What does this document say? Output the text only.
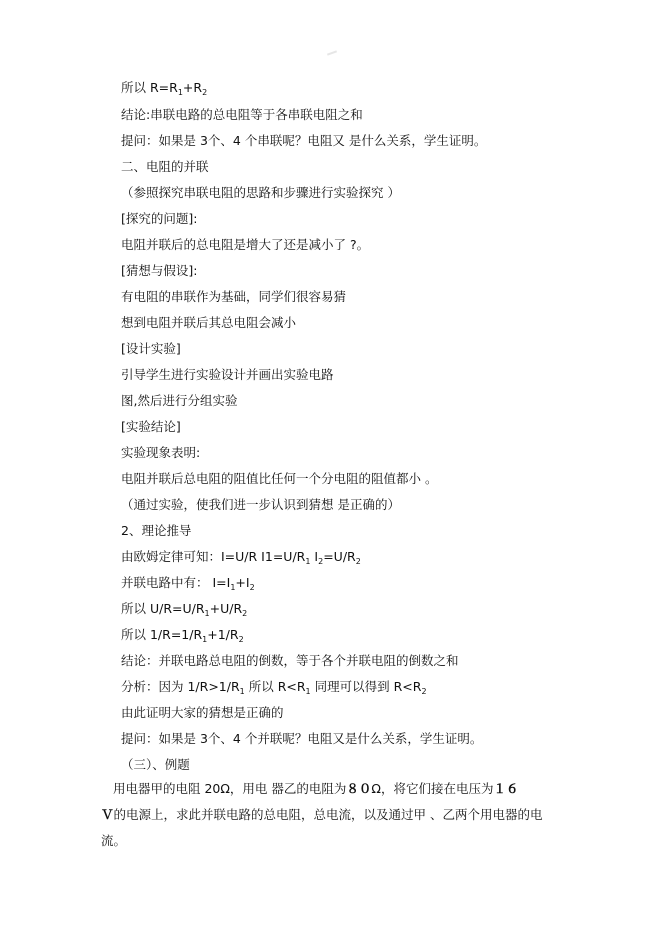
所以 $R=R_1+R_2$
结论:串联电路的总电阻等于各串联电阻之和
提问：如果是 3个、4 个串联呢？电阻又 是什么关系，学生证明。
二、电阻的并联
（参照探究串联电阻的思路和步骤进行实验探究 ）
[探究的问题]:
电阻并联后的总电阻是增大了还是减小了 ?。
[猜想与假设]:
有电阻的串联作为基础，同学们很容易猜
想到电阻并联后其总电阻会减小
[设计实验]
引导学生进行实验设计并画出实验电路
图,然后进行分组实验
[实验结论]
实验现象表明:
电阻并联后总电阻的阻值比任何一个分电阻的阻值都小 。
（通过实验，使我们进一步认识到猜想 是正确的）
2、理论推导
由欧姆定律可知：I=U/R $I1=U/R_1$ $I_2=U/R_2$
并联电路中有： $I=I_1+I_2$
所以 $U/R=U/R_1+U/R_2$
所以 $1/R=1/R_1+1/R_2$
结论：并联电路总电阻的倒数，等于各个并联电阻的倒数之和
分析：因为 $1/R>1/R_1$ 所以 $R<R_1$ 同理可以得到 $R<R_2$
由此证明大家的猜想是正确的
提问：如果是 3个、4 个并联呢？电阻又是什么关系，学生证明。
（三）、例题
用电器甲的电阻 20Ω，用电 器乙的电阻为８０Ω，将它们接在电压为１６
Ｖ的电源上，求此并联电路的总电阻，总电流，以及通过甲 、乙两个用电器的电流。
